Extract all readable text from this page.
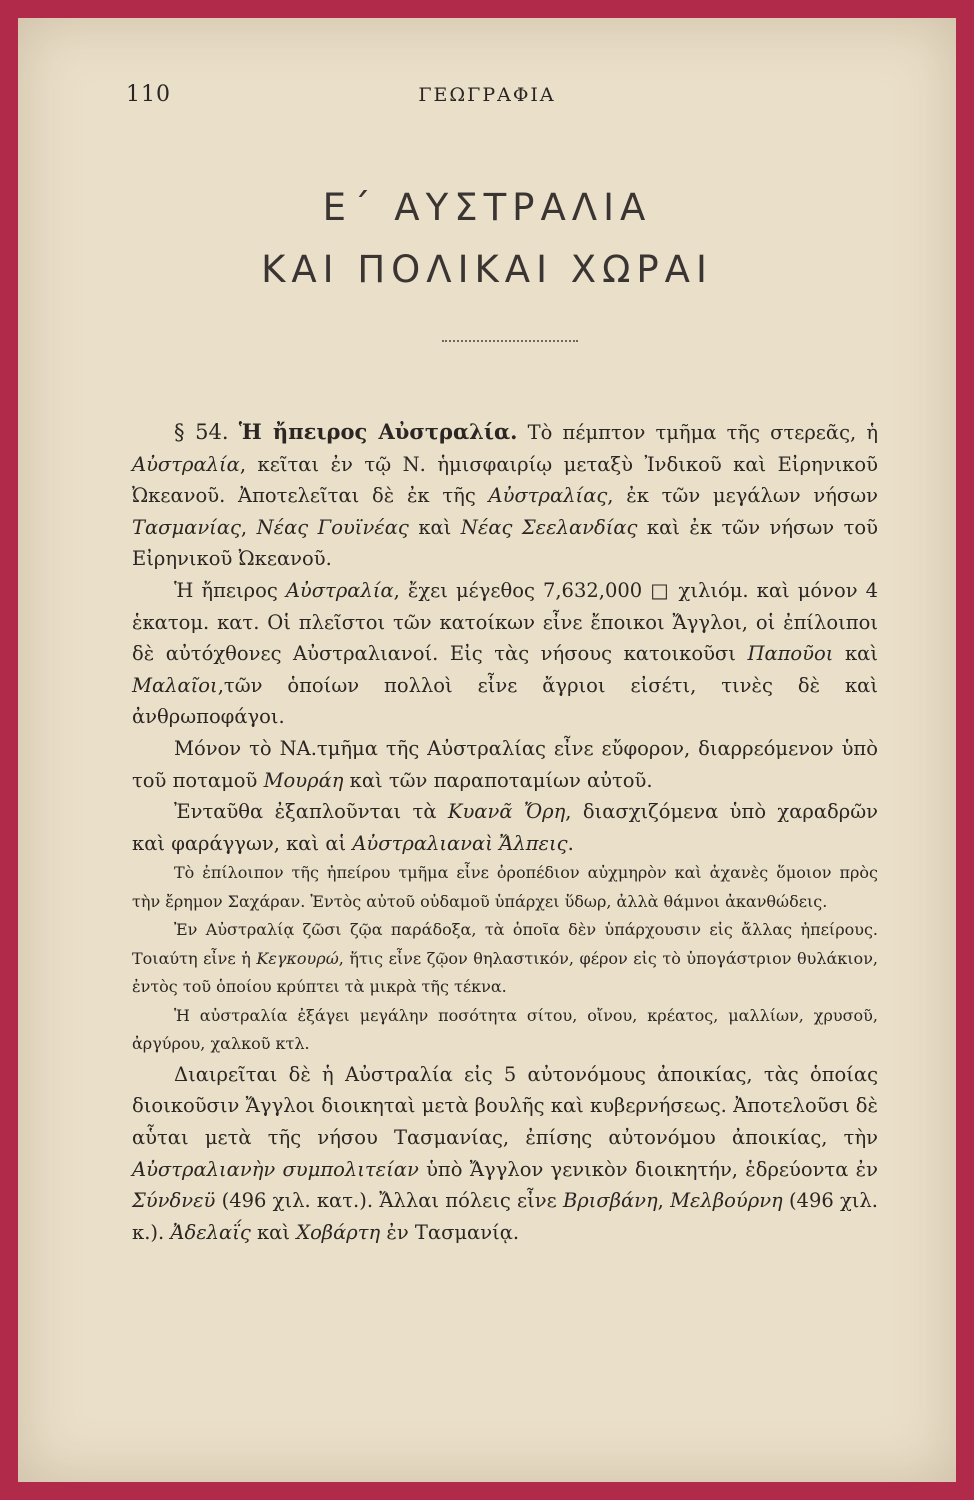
110	ΓΕΩΓΡΑΦΙΑ
Ε΄ ΑΥΣΤΡΑΛΙΑ
ΚΑΙ ΠΟΛΙΚΑΙ ΧΩΡΑΙ

§ 54. Ἡ ἤπειρος Αὐστραλία. Τὸ πέμπτον τμῆμα τῆς στερεᾶς, ἡ Αὐστραλία, κεῖται ἐν τῷ Ν. ἡμισφαιρίῳ μεταξὺ Ἰνδικοῦ καὶ Εἰρηνικοῦ Ὠκεανοῦ. Ἀποτελεῖται δὲ ἐκ τῆς Αὐστραλίας, ἐκ τῶν μεγάλων νήσων Τασμανίας, Νέας Γουϊνέας καὶ Νέας Σεελανδίας καὶ ἐκ τῶν νήσων τοῦ Εἰρηνικοῦ Ὠκεανοῦ.

Ἡ ἤπειρος Αὐστραλία, ἔχει μέγεθος 7,632,000 □ χιλιόμ. καὶ μόνον 4 ἑκατομ. κατ. Οἱ πλεῖστοι τῶν κατοίκων εἶνε ἔποικοι Ἄγγλοι, οἱ ἐπίλοιποι δὲ αὐτόχθονες Αὐστραλιανοί. Εἰς τὰς νήσους κατοικοῦσι Παποῦοι καὶ Μαλαῖοι,τῶν ὁποίων πολλοὶ εἶνε ἄγριοι εἰσέτι, τινὲς δὲ καὶ ἀνθρωποφάγοι.

Μόνον τὸ ΝΑ.τμῆμα τῆς Αὐστραλίας εἶνε εὔφορον, διαρρεόμενον ὑπὸ τοῦ ποταμοῦ Μουράη καὶ τῶν παραποταμίων αὐτοῦ.

Ἐνταῦθα ἐξαπλοῦνται τὰ Κυανᾶ Ὄρη, διασχιζόμενα ὑπὸ χαραδρῶν καὶ φαράγγων, καὶ αἱ Αὐστραλιαναὶ Ἄλπεις.

Τὸ ἐπίλοιπον τῆς ἠπείρου τμῆμα εἶνε ὀροπέδιον αὐχμηρὸν καὶ ἀχανὲς ὅμοιον πρὸς τὴν ἔρημον Σαχάραν. Ἐντὸς αὐτοῦ οὐδαμοῦ ὑπάρχει ὕδωρ, ἀλλὰ θάμνοι ἀκανθώδεις.

Ἐν Αὐστραλίᾳ ζῶσι ζῷα παράδοξα, τὰ ὁποῖα δὲν ὑπάρχουσιν εἰς ἄλλας ἠπείρους. Τοιαύτη εἶνε ἡ Κεγκουρώ, ἥτις εἶνε ζῷον θηλαστικόν, φέρον εἰς τὸ ὑπογάστριον θυλάκιον, ἐντὸς τοῦ ὁποίου κρύπτει τὰ μικρὰ τῆς τέκνα.

Ἡ αὐστραλία ἐξάγει μεγάλην ποσότητα σίτου, οἴνου, κρέατος, μαλλίων, χρυσοῦ, ἀργύρου, χαλκοῦ κτλ.

Διαιρεῖται δὲ ἡ Αὐστραλία εἰς 5 αὐτονόμους ἀποικίας, τὰς ὁποίας διοικοῦσιν Ἄγγλοι διοικηταὶ μετὰ βουλῆς καὶ κυβερνήσεως. Ἀποτελοῦσι δὲ αὗται μετὰ τῆς νήσου Τασμανίας, ἐπίσης αὐτονόμου ἀποικίας, τὴν Αὐστραλιανὴν συμπολιτείαν ὑπὸ Ἄγγλον γενικὸν διοικητήν, ἑδρεύοντα ἐν Σύνδνεϋ (496 χιλ. κατ.). Ἄλλαι πόλεις εἶνε Βρισβάνη, Μελβούρνη (496 χιλ. κ.). Ἀδελαΐς καὶ Χοβάρτη ἐν Τασμανίᾳ.
